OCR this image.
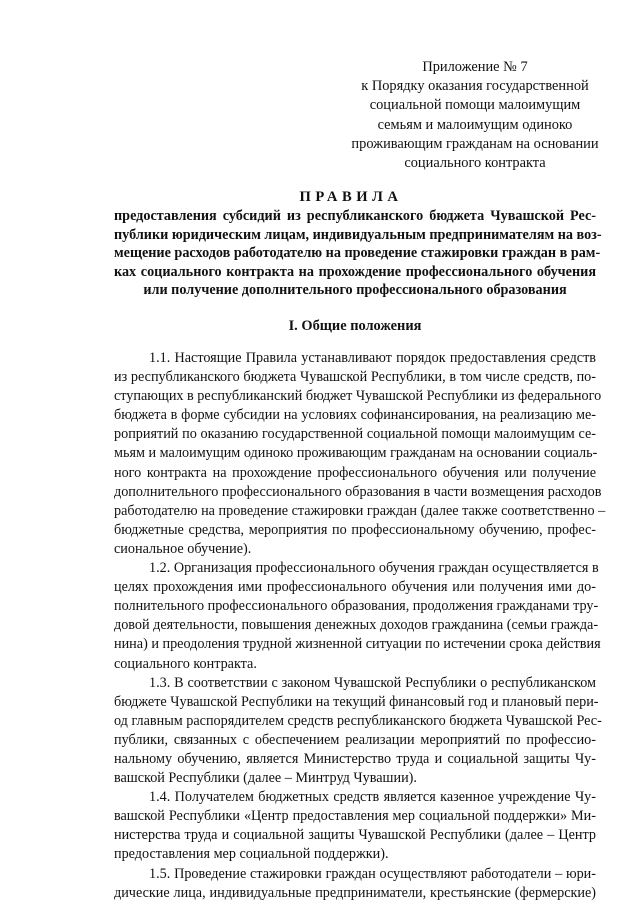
Приложение № 7
к Порядку оказания государственной
социальной помощи малоимущим
семьям и малоимущим одиноко
проживающим гражданам на основании
социального контракта
ПРАВИЛА
предоставления субсидий из республиканского бюджета Чувашской Рес-
публики юридическим лицам, индивидуальным предпринимателям на воз-
мещение расходов работодателю на проведение стажировки граждан в рам-
ках социального контракта на прохождение профессионального обучения
или получение дополнительного профессионального образования
I. Общие положения
1.1. Настоящие Правила устанавливают порядок предоставления средств
из республиканского бюджета Чувашской Республики, в том числе средств, по-
ступающих в республиканский бюджет Чувашской Республики из федерального
бюджета в форме субсидии на условиях софинансирования, на реализацию ме-
роприятий по оказанию государственной социальной помощи малоимущим се-
мьям и малоимущим одиноко проживающим гражданам на основании социаль-
ного контракта на прохождение профессионального обучения или получение
дополнительного профессионального образования в части возмещения расходов
работодателю на проведение стажировки граждан (далее также соответственно –
бюджетные средства, мероприятия по профессиональному обучению, профес-
сиональное обучение).
1.2. Организация профессионального обучения граждан осуществляется в
целях прохождения ими профессионального обучения или получения ими до-
полнительного профессионального образования, продолжения гражданами тру-
довой деятельности, повышения денежных доходов гражданина (семьи гражда-
нина) и преодоления трудной жизненной ситуации по истечении срока действия
социального контракта.
1.3. В соответствии с законом Чувашской Республики о республиканском
бюджете Чувашской Республики на текущий финансовый год и плановый пери-
од главным распорядителем средств республиканского бюджета Чувашской Рес-
публики, связанных с обеспечением реализации мероприятий по профессио-
нальному обучению, является Министерство труда и социальной защиты Чу-
вашской Республики (далее – Минтруд Чувашии).
1.4. Получателем бюджетных средств является казенное учреждение Чу-
вашской Республики «Центр предоставления мер социальной поддержки» Ми-
нистерства труда и социальной защиты Чувашской Республики (далее – Центр
предоставления мер социальной поддержки).
1.5. Проведение стажировки граждан осуществляют работодатели – юри-
дические лица, индивидуальные предприниматели, крестьянские (фермерские)
